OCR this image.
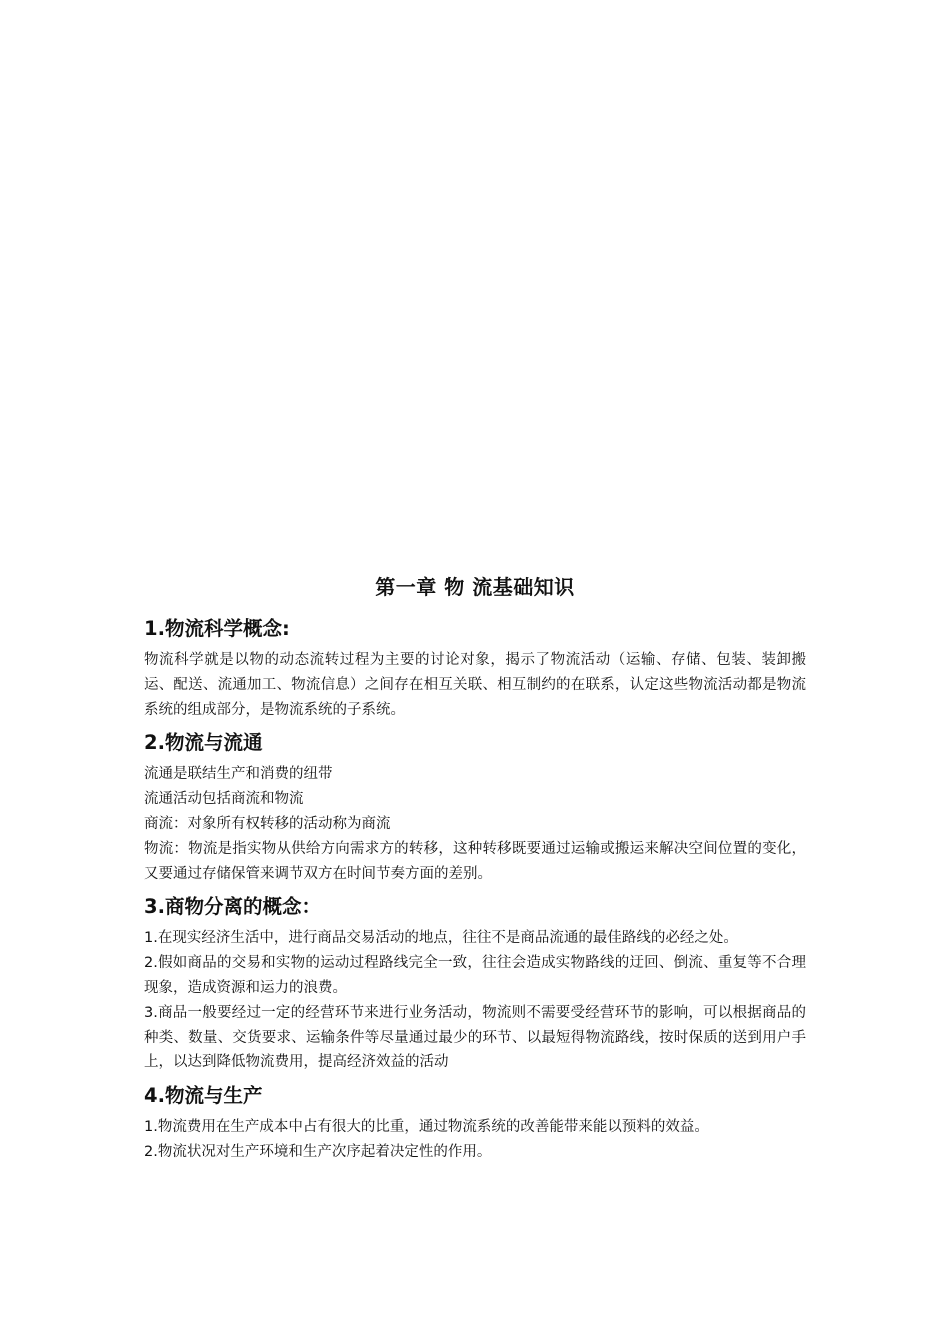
第一章 物 流基础知识
1.物流科学概念:

物流科学就是以物的动态流转过程为主要的讨论对象，揭示了物流活动（运输、存储、包装、装卸搬运、配送、流通加工、物流信息）之间存在相互关联、相互制约的在联系，认定这些物流活动都是物流系统的组成部分，是物流系统的子系统。

2.物流与流通

流通是联结生产和消费的纽带

流通活动包括商流和物流

商流：对象所有权转移的活动称为商流

物流：物流是指实物从供给方向需求方的转移，这种转移既要通过运输或搬运来解决空间位置的变化，又要通过存储保管来调节双方在时间节奏方面的差别。

3.商物分离的概念：

1.在现实经济生活中，进行商品交易活动的地点，往往不是商品流通的最佳路线的必经之处。

2.假如商品的交易和实物的运动过程路线完全一致，往往会造成实物路线的迂回、倒流、重复等不合理现象，造成资源和运力的浪费。

3.商品一般要经过一定的经营环节来进行业务活动，物流则不需要受经营环节的影响，可以根据商品的种类、数量、交货要求、运输条件等尽量通过最少的环节、以最短得物流路线，按时保质的送到用户手上，以达到降低物流费用，提高经济效益的活动

4.物流与生产

1.物流费用在生产成本中占有很大的比重，通过物流系统的改善能带来能以预料的效益。

2.物流状况对生产环境和生产次序起着决定性的作用。
